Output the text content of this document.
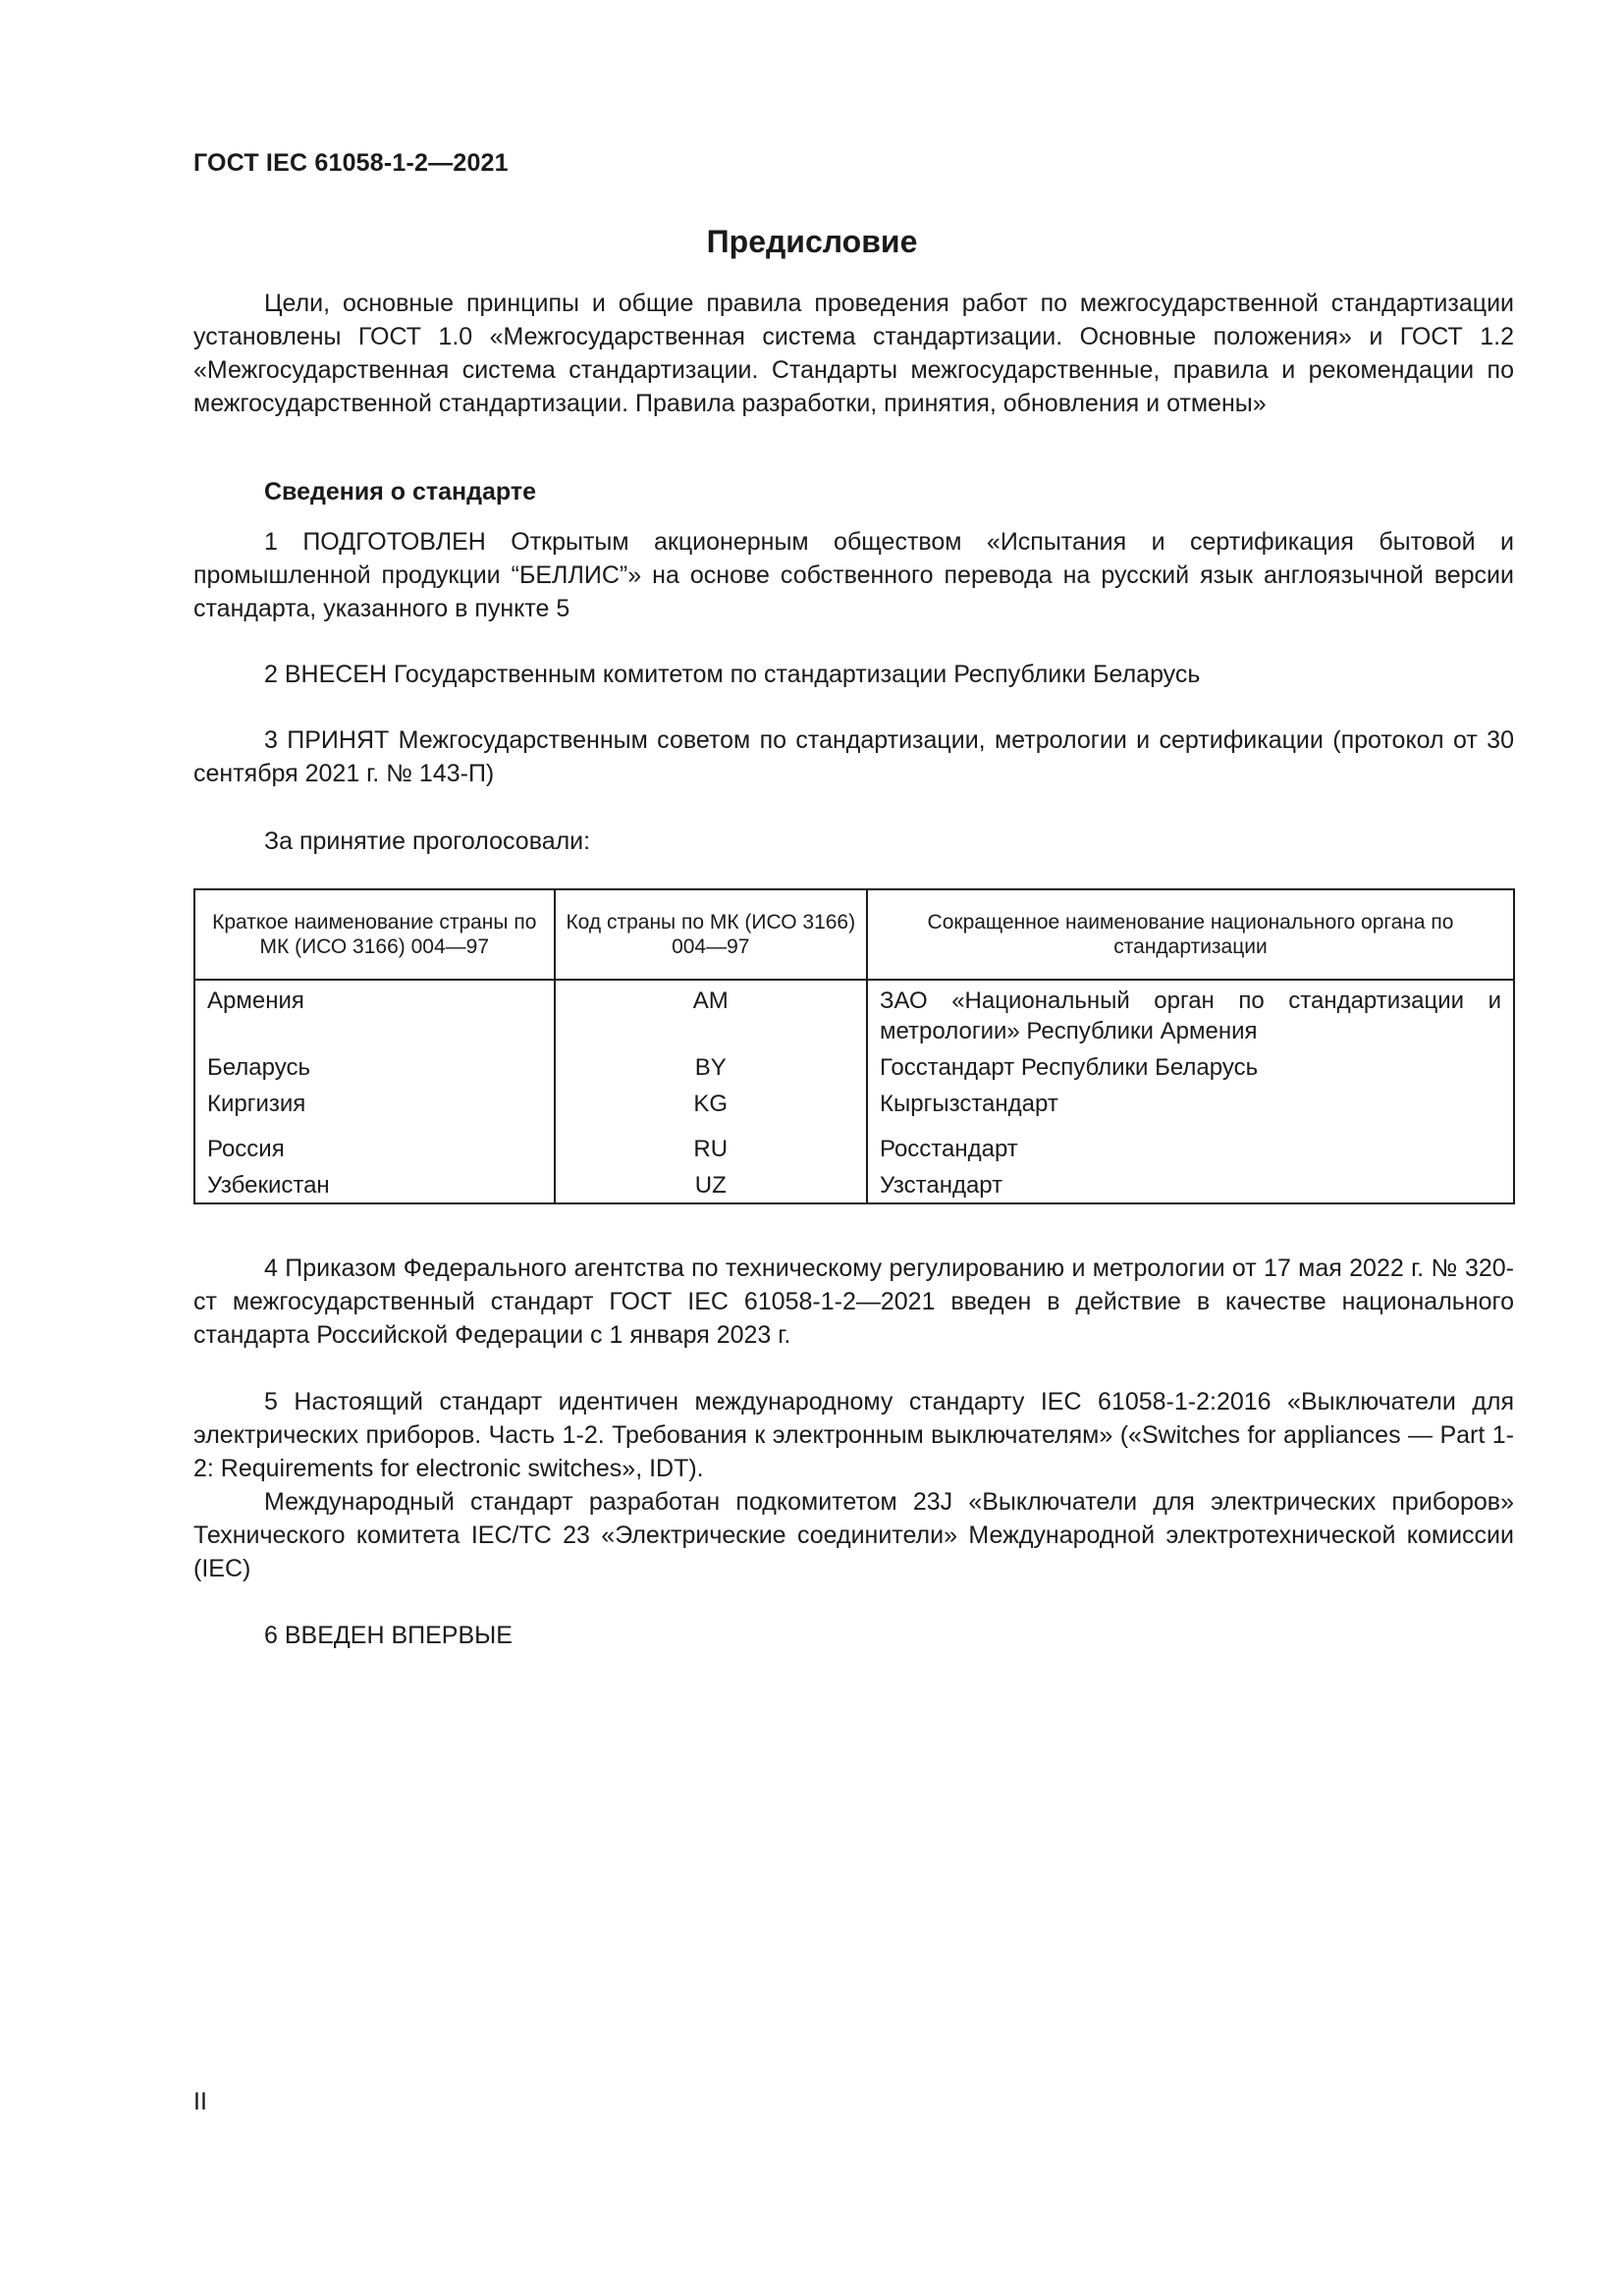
ГОСТ IEC 61058-1-2—2021
Предисловие

Цели, основные принципы и общие правила проведения работ по межгосударственной стандартизации установлены ГОСТ 1.0 «Межгосударственная система стандартизации. Основные положения» и ГОСТ 1.2 «Межгосударственная система стандартизации. Стандарты межгосударственные, правила и рекомендации по межгосударственной стандартизации. Правила разработки, принятия, обновления и отмены»

Сведения о стандарте

1 ПОДГОТОВЛЕН Открытым акционерным обществом «Испытания и сертификация бытовой и промышленной продукции “БЕЛЛИС”» на основе собственного перевода на русский язык англоязычной версии стандарта, указанного в пункте 5

2 ВНЕСЕН Государственным комитетом по стандартизации Республики Беларусь

3 ПРИНЯТ Межгосударственным советом по стандартизации, метрологии и сертификации (протокол от 30 сентября 2021 г. № 143-П)

За принятие проголосовали:

Краткое наименование страны по МК (ИСО 3166) 004—97	Код страны по МК (ИСО 3166) 004—97	Сокращенное наименование национального органа по стандартизации
Армения	AM	ЗАО «Национальный орган по стандартизации и метрологии» Республики Армения
Беларусь	BY	Госстандарт Республики Беларусь
Киргизия	KG	Кыргызстандарт
Россия	RU	Росстандарт
Узбекистан	UZ	Узстандарт

4 Приказом Федерального агентства по техническому регулированию и метрологии от 17 мая 2022 г. № 320-ст межгосударственный стандарт ГОСТ IEC 61058-1-2—2021 введен в действие в качестве национального стандарта Российской Федерации с 1 января 2023 г.

5 Настоящий стандарт идентичен международному стандарту IEC 61058-1-2:2016 «Выключатели для электрических приборов. Часть 1-2. Требования к электронным выключателям» («Switches for appliances — Part 1-2: Requirements for electronic switches», IDT).

Международный стандарт разработан подкомитетом 23J «Выключатели для электрических приборов» Технического комитета IEC/TC 23 «Электрические соединители» Международной электротехнической комиссии (IEC)

6 ВВЕДЕН ВПЕРВЫЕ

II
